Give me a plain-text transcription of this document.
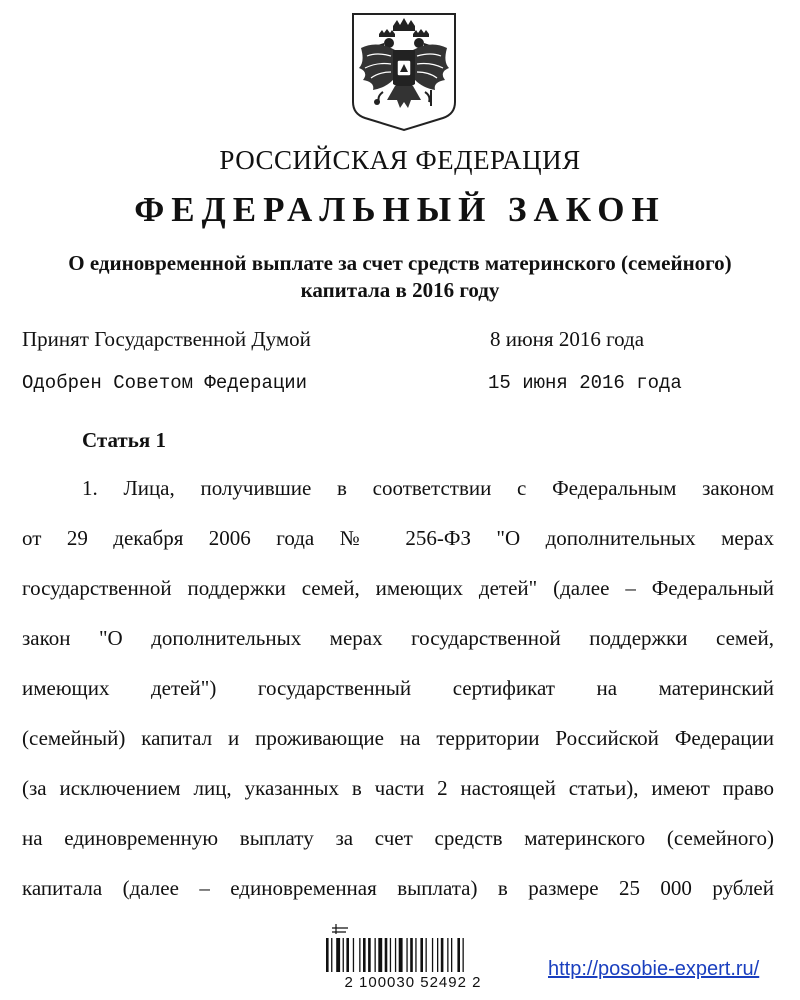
РОССИЙСКАЯ ФЕДЕРАЦИЯ
ФЕДЕРАЛЬНЫЙ ЗАКОН
О единовременной выплате за счет средств материнского (семейного)
капитала в 2016 году
Принят Государственной Думой	8 июня 2016 года
Одобрен Советом Федерации	15 июня 2016 года
Статья 1
1. Лица, получившие в соответствии с Федеральным законом
от 29 декабря 2006 года № 256-ФЗ "О дополнительных мерах
государственной поддержки семей, имеющих детей" (далее – Федеральный
закон "О дополнительных мерах государственной поддержки семей,
имеющих детей") государственный сертификат на материнский
(семейный) капитал и проживающие на территории Российской Федерации
(за исключением лиц, указанных в части 2 настоящей статьи), имеют право
на единовременную выплату за счет средств материнского (семейного)
капитала (далее – единовременная выплата) в размере 25 000 рублей
2 100030 52492 2
http://posobie-expert.ru/
